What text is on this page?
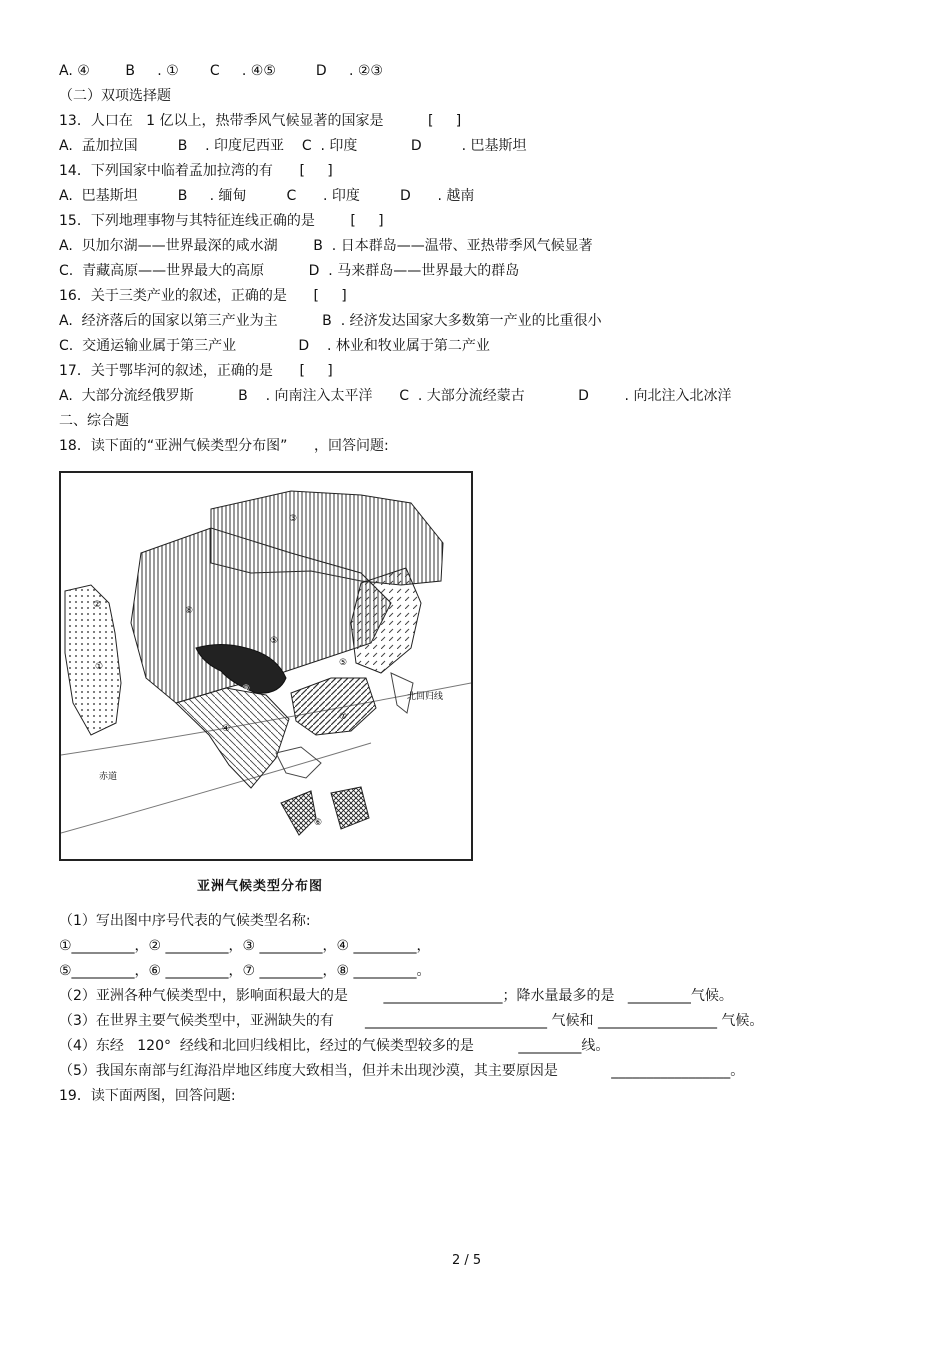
A. ④        B     . ①       C     . ④⑤         D     . ②③
（二）双项选择题
13．人口在   1 亿以上，热带季风气候显著的国家是          [     ]
A.  孟加拉国         B    . 印度尼西亚    C  . 印度            D         . 巴基斯坦
14．下列国家中临着孟加拉湾的有      [     ]
A.  巴基斯坦         B     . 缅甸         C      . 印度         D      . 越南
15．下列地理事物与其特征连线正确的是        [     ]
A.  贝加尔湖——世界最深的咸水湖        B  . 日本群岛——温带、亚热带季风气候显著
C.  青藏高原——世界最大的高原          D  . 马来群岛——世界最大的群岛
16．关于三类产业的叙述，正确的是      [     ]
A.  经济落后的国家以第三产业为主          B  . 经济发达国家大多数第一产业的比重很小
C.  交通运输业属于第三产业              D    . 林业和牧业属于第二产业
17．关于鄂毕河的叙述，正确的是      [     ]
A.  大部分流经俄罗斯          B    . 向南注入太平洋      C  . 大部分流经蒙古            D        . 向北注入北冰洋
二、综合题
18．读下面的“亚洲气候类型分布图”      ，回答问题:
③
②
①
⑧
⑤
⑤
⑨
⑦
④
⑥
北回归线
赤道
亚洲气候类型分布图
（1）写出图中序号代表的气候类型名称:
①_________，② _________，③ _________，④ _________，
⑤_________，⑥ _________，⑦ _________，⑧ _________。
（2）亚洲各种气候类型中，影响面积最大的是        _________________；降水量最多的是   _________气候。
（3）在世界主要气候类型中，亚洲缺失的有       __________________________ 气候和 _________________ 气候。
（4）东经   120°  经线和北回归线相比，经过的气候类型较多的是          _________线。
（5）我国东南部与红海沿岸地区纬度大致相当，但并未出现沙漠，其主要原因是            _________________。
19．读下面两图，回答问题:
2 / 5
